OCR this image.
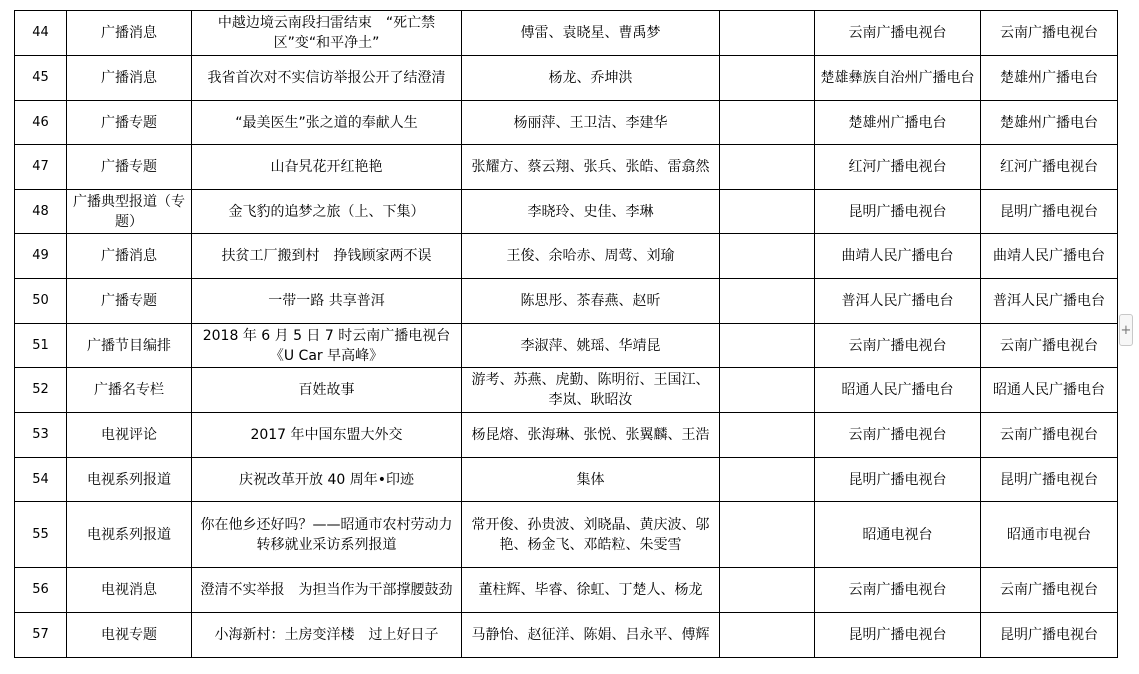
44	广播消息	中越边境云南段扫雷结束　“死亡禁区”变“和平净土”	傅雷、袁晓星、曹禹梦		云南广播电视台	云南广播电视台
45	广播消息	我省首次对不实信访举报公开了结澄清	杨龙、乔坤洪		楚雄彝族自治州广播电台	楚雄州广播电台
46	广播专题	“最美医生”张之道的奉献人生	杨丽萍、王卫洁、李建华		楚雄州广播电台	楚雄州广播电台
47	广播专题	山旮旯花开红艳艳	张耀方、蔡云翔、张兵、张皓、雷翕然		红河广播电视台	红河广播电视台
48	广播典型报道（专题）	金飞豹的追梦之旅（上、下集）	李晓玲、史佳、李琳		昆明广播电视台	昆明广播电视台
49	广播消息	扶贫工厂搬到村　挣钱顾家两不误	王俊、余哈赤、周莺、刘瑜		曲靖人民广播电台	曲靖人民广播电台
50	广播专题	一带一路 共享普洱	陈思彤、茶春燕、赵昕		普洱人民广播电台	普洱人民广播电台
51	广播节目编排	2018 年 6 月 5 日 7 时云南广播电视台《U Car 早高峰》	李淑萍、姚瑶、华靖昆		云南广播电视台	云南广播电视台
52	广播名专栏	百姓故事	游考、苏燕、虎勤、陈明衍、王国江、李岚、耿昭汝		昭通人民广播电台	昭通人民广播电台
53	电视评论	2017 年中国东盟大外交	杨昆熔、张海琳、张悦、张翼麟、王浩		云南广播电视台	云南广播电视台
54	电视系列报道	庆祝改革开放 40 周年•印迹	集体		昆明广播电视台	昆明广播电视台
55	电视系列报道	你在他乡还好吗？——昭通市农村劳动力转移就业采访系列报道	常开俊、孙贵波、刘晓晶、黄庆波、邬艳、杨金飞、邓皓粒、朱雯雪		昭通电视台	昭通市电视台
56	电视消息	澄清不实举报　为担当作为干部撑腰鼓劲	董柱辉、毕睿、徐虹、丁楚人、杨龙		云南广播电视台	云南广播电视台
57	电视专题	小海新村：土房变洋楼　过上好日子	马静怡、赵征洋、陈娟、吕永平、傅辉		昆明广播电视台	昆明广播电视台
+
